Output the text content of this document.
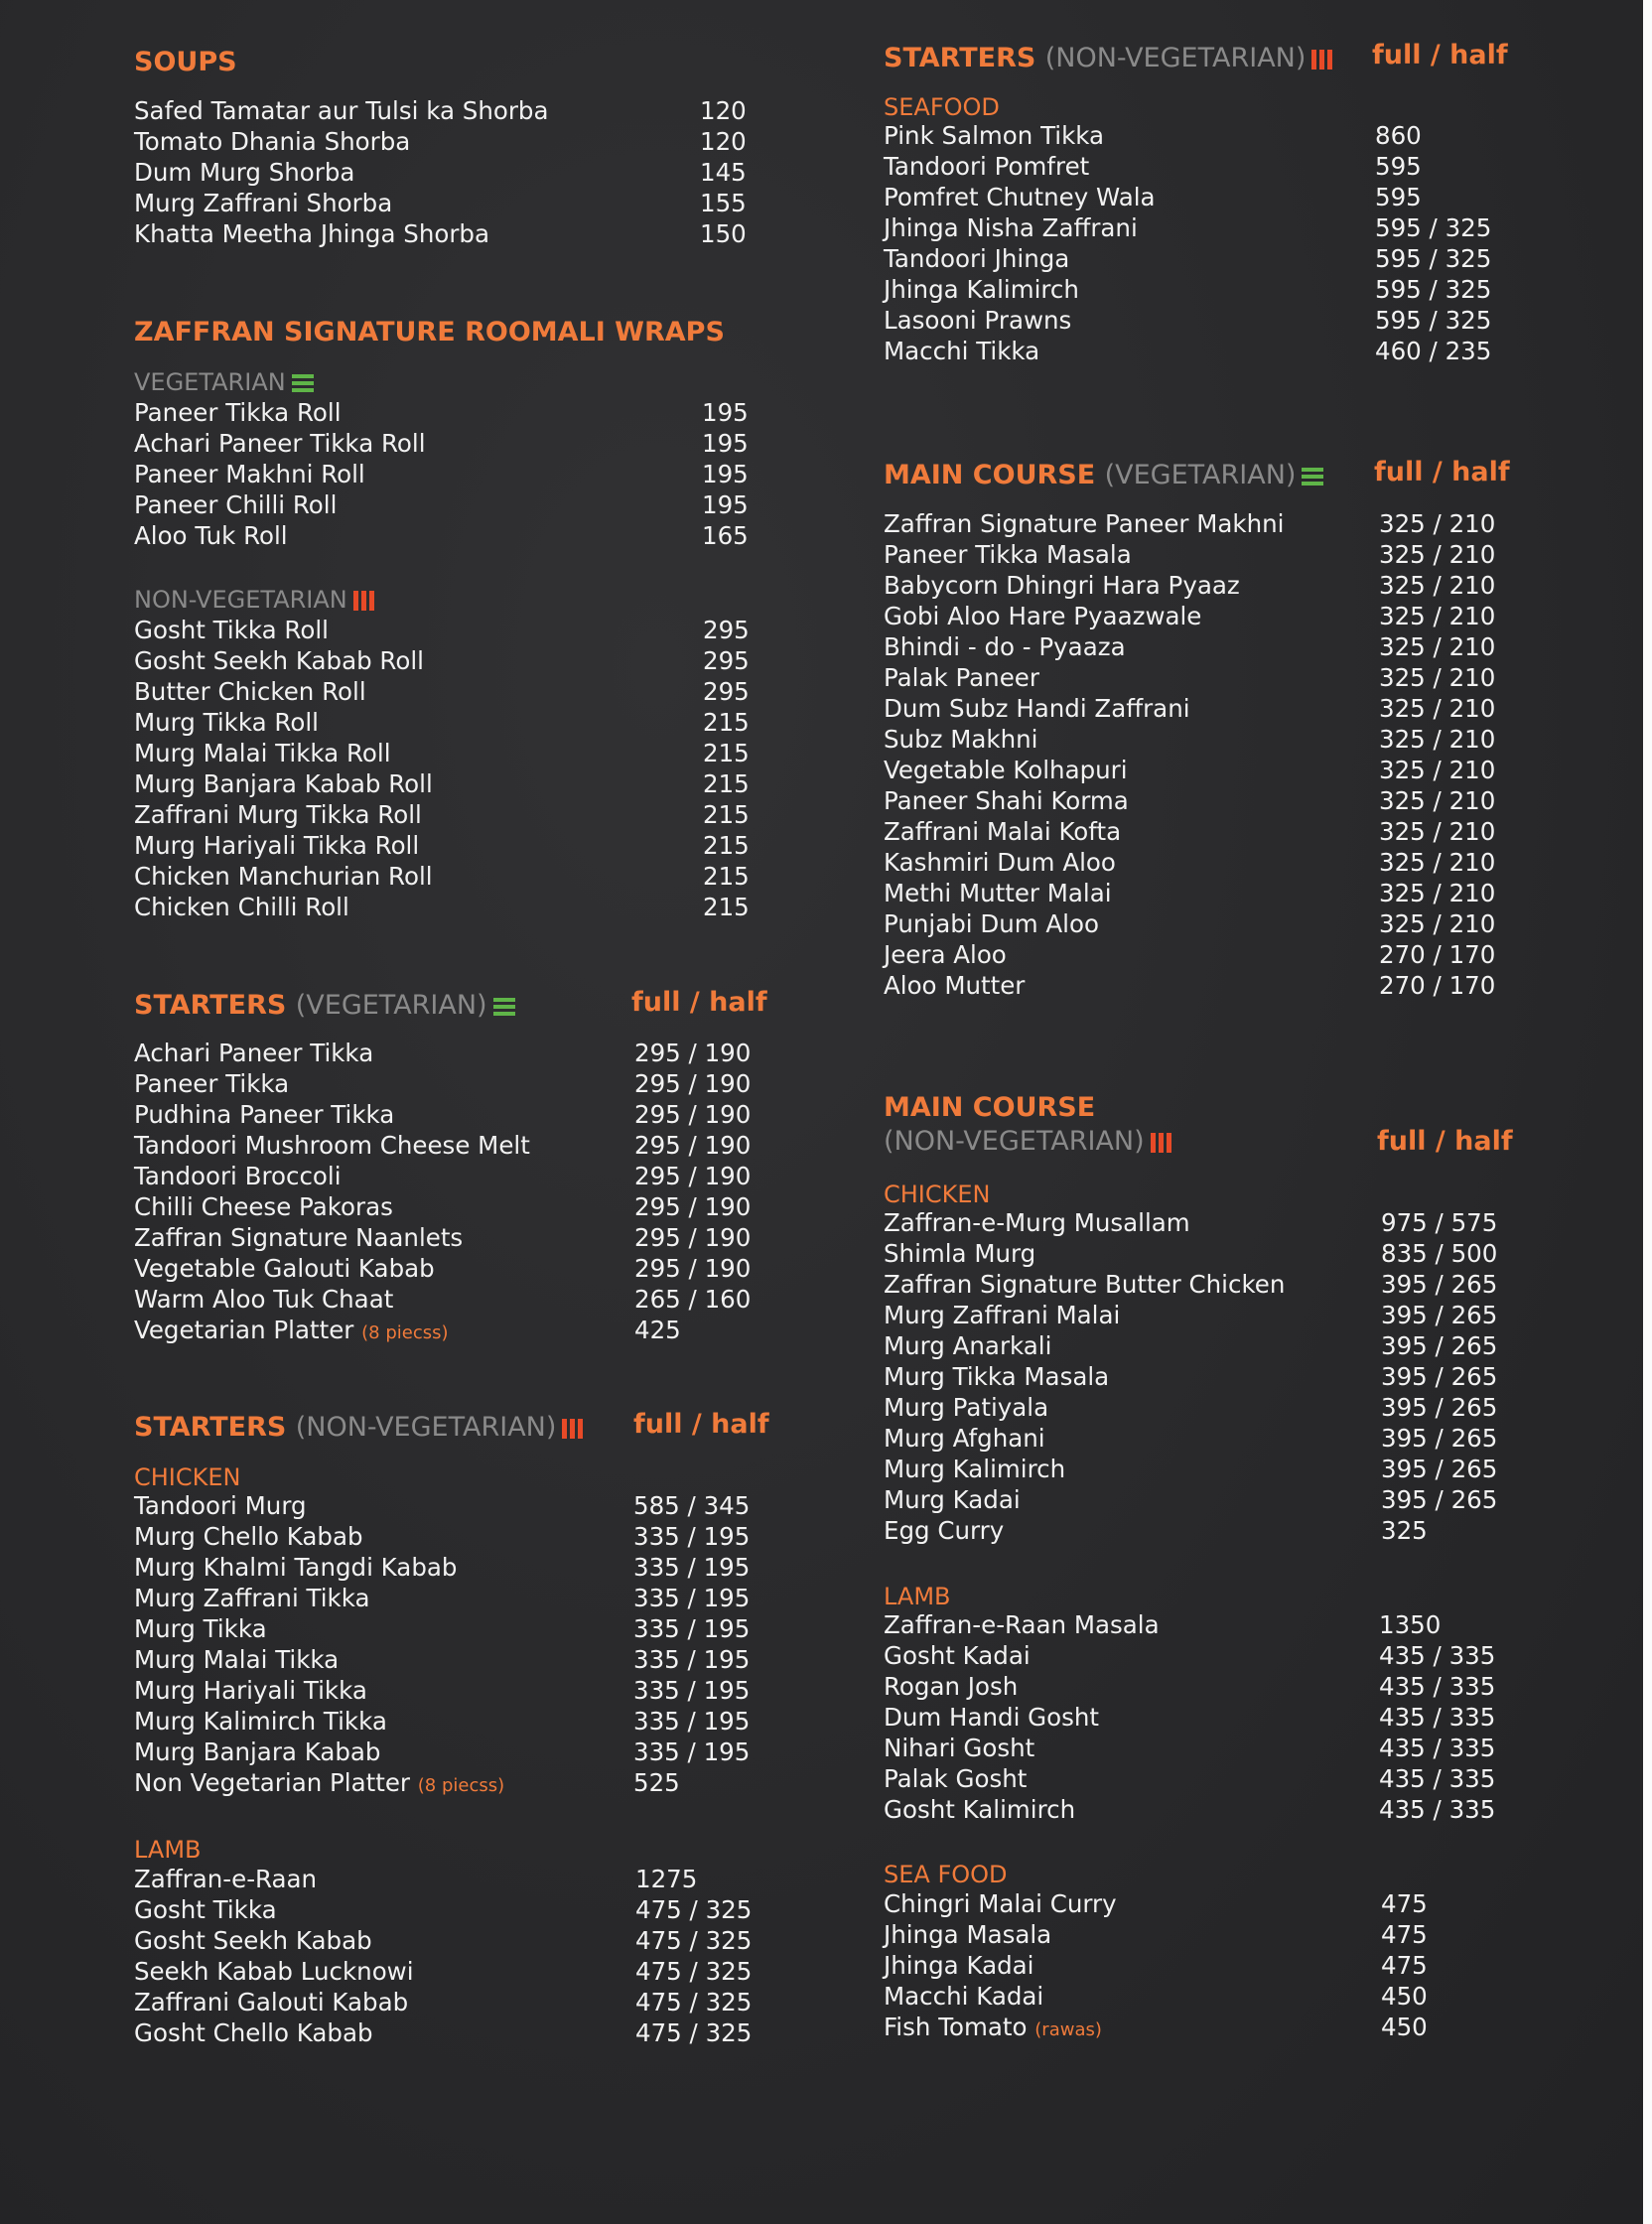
SOUPS
Safed Tamatar aur Tulsi ka Shorba	120
Tomato Dhania Shorba	120
Dum Murg Shorba	145
Murg Zaffrani Shorba	155
Khatta Meetha Jhinga Shorba	150
ZAFFRAN SIGNATURE ROOMALI WRAPS
VEGETARIAN
Paneer Tikka Roll	195
Achari Paneer Tikka Roll	195
Paneer Makhni Roll	195
Paneer Chilli Roll	195
Aloo Tuk Roll	165
NON-VEGETARIAN
Gosht Tikka Roll	295
Gosht Seekh Kabab Roll	295
Butter Chicken Roll	295
Murg Tikka Roll	215
Murg Malai Tikka Roll	215
Murg Banjara Kabab Roll	215
Zaffrani Murg Tikka Roll	215
Murg Hariyali Tikka Roll	215
Chicken Manchurian Roll	215
Chicken Chilli Roll	215
STARTERS (VEGETARIAN)	full / half
Achari Paneer Tikka	295 / 190
Paneer Tikka	295 / 190
Pudhina Paneer Tikka	295 / 190
Tandoori Mushroom Cheese Melt	295 / 190
Tandoori Broccoli	295 / 190
Chilli Cheese Pakoras	295 / 190
Zaffran Signature Naanlets	295 / 190
Vegetable Galouti Kabab	295 / 190
Warm Aloo Tuk Chaat	265 / 160
Vegetarian Platter (8 piecss)	425
STARTERS (NON-VEGETARIAN)	full / half
CHICKEN
Tandoori Murg	585 / 345
Murg Chello Kabab	335 / 195
Murg Khalmi Tangdi Kabab	335 / 195
Murg Zaffrani Tikka	335 / 195
Murg Tikka	335 / 195
Murg Malai Tikka	335 / 195
Murg Hariyali Tikka	335 / 195
Murg Kalimirch Tikka	335 / 195
Murg Banjara Kabab	335 / 195
Non Vegetarian Platter (8 piecss)	525
LAMB
Zaffran-e-Raan	1275
Gosht Tikka	475 / 325
Gosht Seekh Kabab	475 / 325
Seekh Kabab Lucknowi	475 / 325
Zaffrani Galouti Kabab	475 / 325
Gosht Chello Kabab	475 / 325
STARTERS (NON-VEGETARIAN)	full / half
SEAFOOD
Pink Salmon Tikka	860
Tandoori Pomfret	595
Pomfret Chutney Wala	595
Jhinga Nisha Zaffrani	595 / 325
Tandoori Jhinga	595 / 325
Jhinga Kalimirch	595 / 325
Lasooni Prawns	595 / 325
Macchi Tikka	460 / 235
MAIN COURSE (VEGETARIAN)	full / half
Zaffran Signature Paneer Makhni	325 / 210
Paneer Tikka Masala	325 / 210
Babycorn Dhingri Hara Pyaaz	325 / 210
Gobi Aloo Hare Pyaazwale	325 / 210
Bhindi - do - Pyaaza	325 / 210
Palak Paneer	325 / 210
Dum Subz Handi Zaffrani	325 / 210
Subz Makhni	325 / 210
Vegetable Kolhapuri	325 / 210
Paneer Shahi Korma	325 / 210
Zaffrani Malai Kofta	325 / 210
Kashmiri Dum Aloo	325 / 210
Methi Mutter Malai	325 / 210
Punjabi Dum Aloo	325 / 210
Jeera Aloo	270 / 170
Aloo Mutter	270 / 170
MAIN COURSE
(NON-VEGETARIAN)	full / half
CHICKEN
Zaffran-e-Murg Musallam	975 / 575
Shimla Murg	835 / 500
Zaffran Signature Butter Chicken	395 / 265
Murg Zaffrani Malai	395 / 265
Murg Anarkali	395 / 265
Murg Tikka Masala	395 / 265
Murg Patiyala	395 / 265
Murg Afghani	395 / 265
Murg Kalimirch	395 / 265
Murg Kadai	395 / 265
Egg Curry	325
LAMB
Zaffran-e-Raan Masala	1350
Gosht Kadai	435 / 335
Rogan Josh	435 / 335
Dum Handi Gosht	435 / 335
Nihari Gosht	435 / 335
Palak Gosht	435 / 335
Gosht Kalimirch	435 / 335
SEA FOOD
Chingri Malai Curry	475
Jhinga Masala	475
Jhinga Kadai	475
Macchi Kadai	450
Fish Tomato (rawas)	450
